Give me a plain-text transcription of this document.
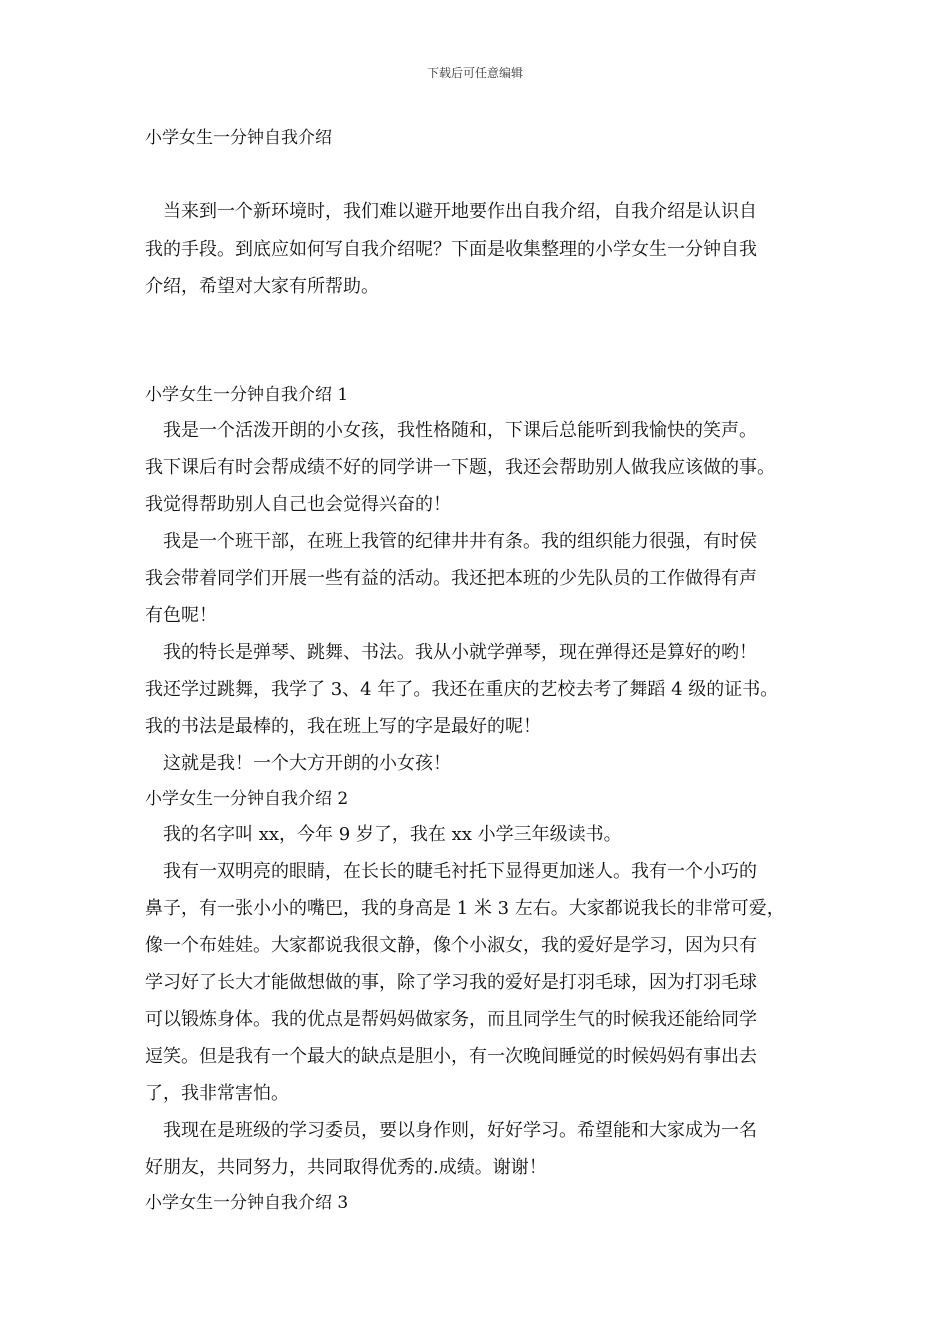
下载后可任意编辑
小学女生一分钟自我介绍
当来到一个新环境时，我们难以避开地要作出自我介绍，自我介绍是认识自
我的手段。到底应如何写自我介绍呢？下面是收集整理的小学女生一分钟自我
介绍，希望对大家有所帮助。
小学女生一分钟自我介绍 1
我是一个活泼开朗的小女孩，我性格随和，下课后总能听到我愉快的笑声。
我下课后有时会帮成绩不好的同学讲一下题，我还会帮助别人做我应该做的事。
我觉得帮助别人自己也会觉得兴奋的！
我是一个班干部，在班上我管的纪律井井有条。我的组织能力很强，有时侯
我会带着同学们开展一些有益的活动。我还把本班的少先队员的工作做得有声
有色呢！
我的特长是弹琴、跳舞、书法。我从小就学弹琴，现在弹得还是算好的哟！
我还学过跳舞，我学了 3、4 年了。我还在重庆的艺校去考了舞蹈 4 级的证书。
我的书法是最棒的，我在班上写的字是最好的呢！
这就是我！一个大方开朗的小女孩！
小学女生一分钟自我介绍 2
我的名字叫 xx，今年 9 岁了，我在 xx 小学三年级读书。
我有一双明亮的眼睛，在长长的睫毛衬托下显得更加迷人。我有一个小巧的
鼻子，有一张小小的嘴巴，我的身高是 1 米 3 左右。大家都说我长的非常可爱，
像一个布娃娃。大家都说我很文静，像个小淑女，我的爱好是学习，因为只有
学习好了长大才能做想做的事，除了学习我的爱好是打羽毛球，因为打羽毛球
可以锻炼身体。我的优点是帮妈妈做家务，而且同学生气的时候我还能给同学
逗笑。但是我有一个最大的缺点是胆小，有一次晚间睡觉的时候妈妈有事出去
了，我非常害怕。
我现在是班级的学习委员，要以身作则，好好学习。希望能和大家成为一名
好朋友，共同努力，共同取得优秀的.成绩。谢谢！
小学女生一分钟自我介绍 3
